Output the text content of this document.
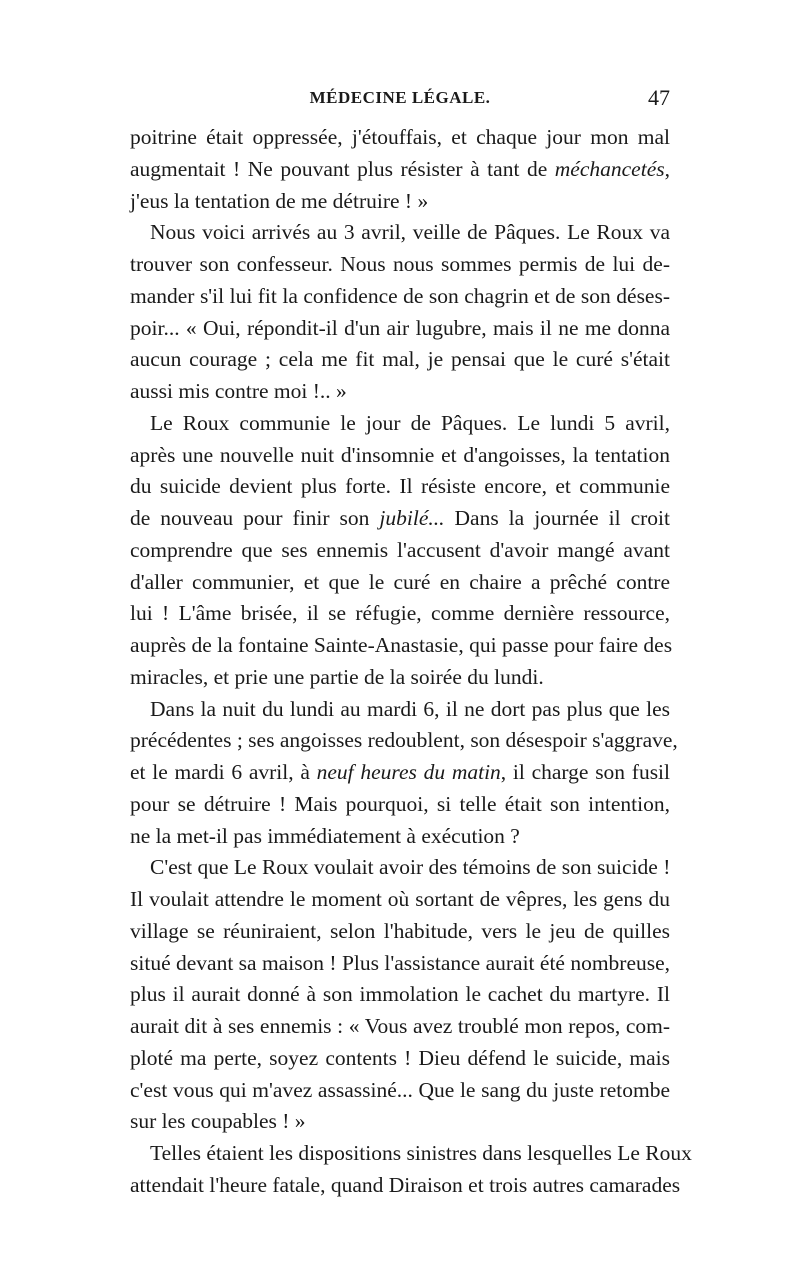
MÉDECINE LÉGALE.	47
poitrine était oppressée, j'étouffais, et chaque jour mon mal
augmentait ! Ne pouvant plus résister à tant de méchancetés,
j'eus la tentation de me détruire ! »
Nous voici arrivés au 3 avril, veille de Pâques. Le Roux va
trouver son confesseur. Nous nous sommes permis de lui de-
mander s'il lui fit la confidence de son chagrin et de son déses-
poir... « Oui, répondit-il d'un air lugubre, mais il ne me donna
aucun courage ; cela me fit mal, je pensai que le curé s'était
aussi mis contre moi !.. »
Le Roux communie le jour de Pâques. Le lundi 5 avril,
après une nouvelle nuit d'insomnie et d'angoisses, la tentation
du suicide devient plus forte. Il résiste encore, et communie
de nouveau pour finir son jubilé... Dans la journée il croit
comprendre que ses ennemis l'accusent d'avoir mangé avant
d'aller communier, et que le curé en chaire a prêché contre
lui ! L'âme brisée, il se réfugie, comme dernière ressource,
auprès de la fontaine Sainte-Anastasie, qui passe pour faire des
miracles, et prie une partie de la soirée du lundi.
Dans la nuit du lundi au mardi 6, il ne dort pas plus que les
précédentes ; ses angoisses redoublent, son désespoir s'aggrave,
et le mardi 6 avril, à neuf heures du matin, il charge son fusil
pour se détruire ! Mais pourquoi, si telle était son intention,
ne la met-il pas immédiatement à exécution ?
C'est que Le Roux voulait avoir des témoins de son suicide !
Il voulait attendre le moment où sortant de vêpres, les gens du
village se réuniraient, selon l'habitude, vers le jeu de quilles
situé devant sa maison ! Plus l'assistance aurait été nombreuse,
plus il aurait donné à son immolation le cachet du martyre. Il
aurait dit à ses ennemis : « Vous avez troublé mon repos, com-
ploté ma perte, soyez contents ! Dieu défend le suicide, mais
c'est vous qui m'avez assassiné... Que le sang du juste retombe
sur les coupables ! »
Telles étaient les dispositions sinistres dans lesquelles Le Roux
attendait l'heure fatale, quand Diraison et trois autres camarades
